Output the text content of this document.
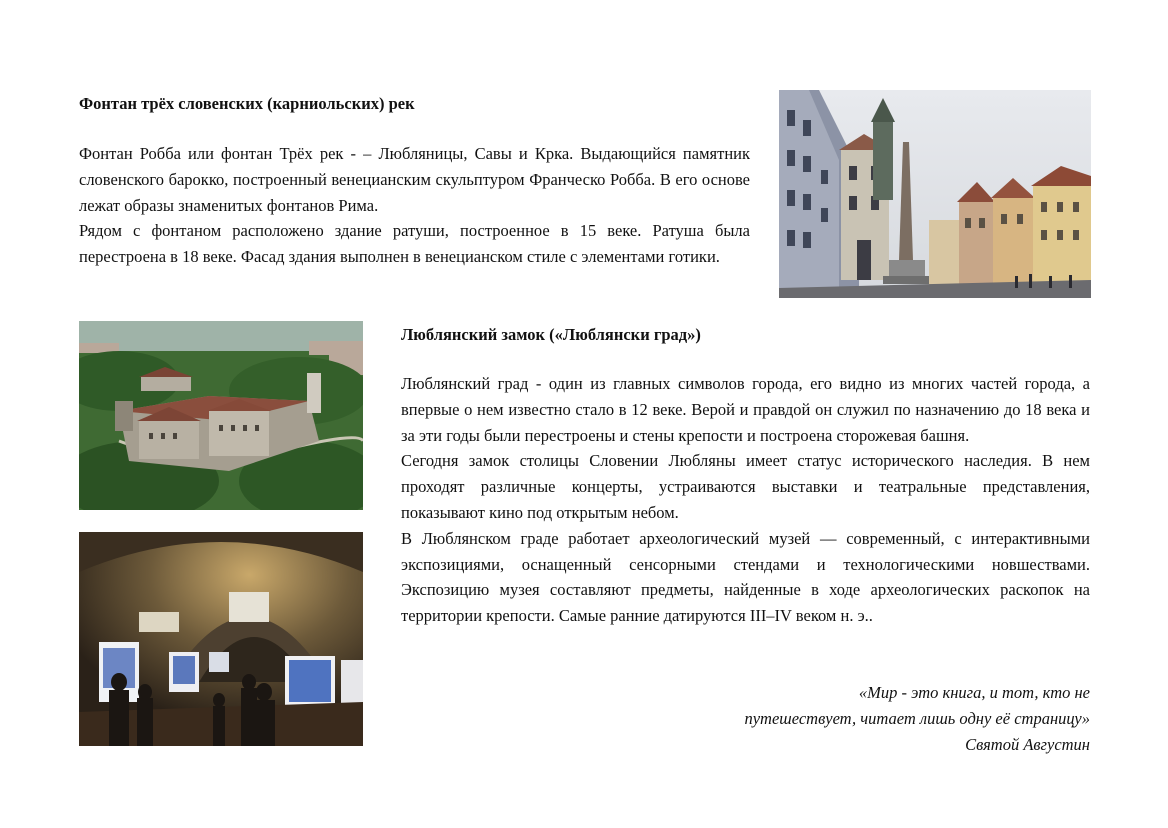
Фонтан трёх словенских (карниольских) рек

Фонтан Робба или фонтан Трёх рек - – Любляницы, Савы и Крка. Выдающийся памятник словенского барокко, построенный венецианским скульптуром Франческо Робба. В его основе лежат образы знаменитых фонтанов Рима.

Рядом с фонтаном расположено здание ратуши, построенное в 15 веке. Ратуша была перестроена в 18 веке. Фасад здания выполнен в венецианском стиле с элементами готики.

Люблянский замок («Люблянски град»)

Люблянский град - один из главных символов города, его видно из многих частей города, а впервые о нем известно стало в 12 веке. Верой и правдой он служил по назначению до 18 века и за эти годы были перестроены и стены крепости и построена сторожевая башня.

Сегодня замок столицы Словении Любляны имеет статус исторического наследия. В нем проходят различные концерты, устраиваются выставки и театральные представления, показывают кино под открытым небом.

В Люблянском граде работает археологический музей — современный, с интерактивными экспозициями, оснащенный сенсорными стендами и технологическими новшествами. Экспозицию музея составляют предметы, найденные в ходе археологических раскопок на территории крепости. Самые ранние датируются III–IV веком н. э..

«Мир - это книга, и тот, кто не
путешествует, читает лишь одну её страницу»
Святой Августин
